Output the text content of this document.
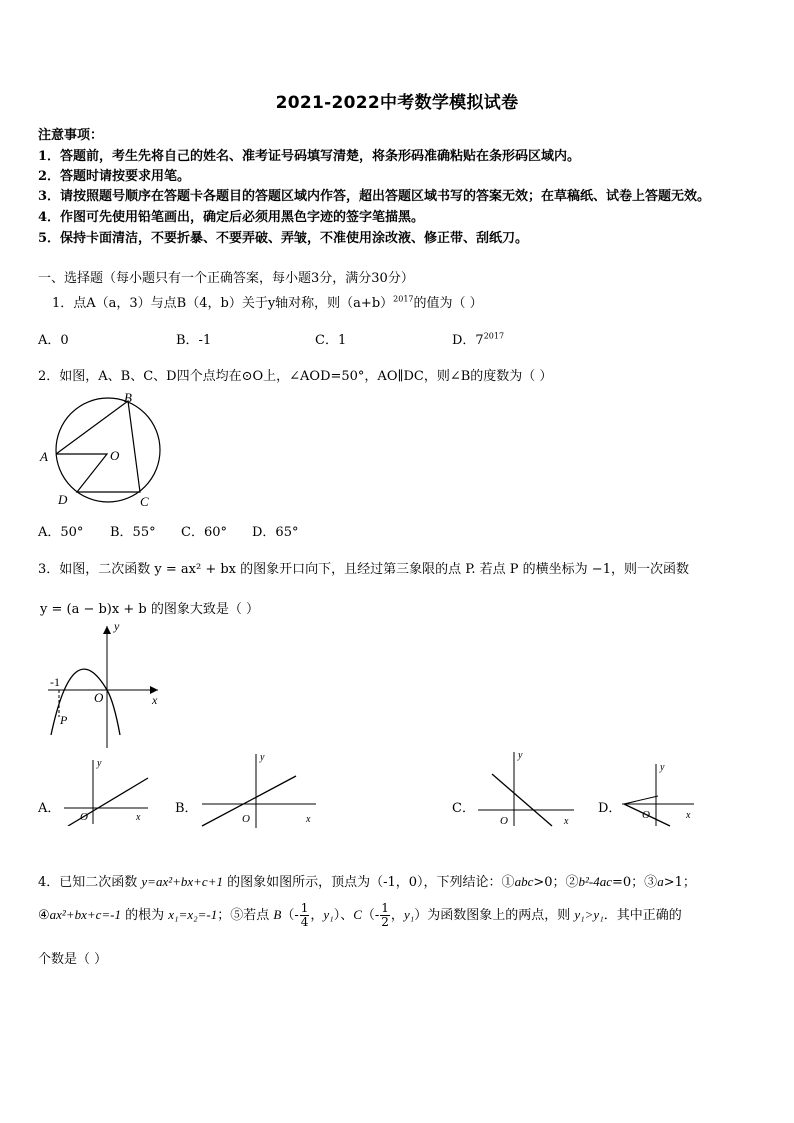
2021-2022中考数学模拟试卷
注意事项：
1．答题前，考生先将自己的姓名、准考证号码填写清楚，将条形码准确粘贴在条形码区域内。
2．答题时请按要求用笔。
3．请按照题号顺序在答题卡各题目的答题区域内作答，超出答题区域书写的答案无效；在草稿纸、试卷上答题无效。
4．作图可先使用铅笔画出，确定后必须用黑色字迹的签字笔描黑。
5．保持卡面清洁，不要折暴、不要弄破、弄皱，不准使用涂改液、修正带、刮纸刀。
一、选择题（每小题只有一个正确答案，每小题3分，满分30分）
1．点A（a，3）与点B（4，b）关于y轴对称，则$(a+b)^{2017}$的值为（ ）
A．0	B．-1	C．1	D．$7^{2017}$
2．如图，A、B、C、D四个点均在⊙O上，∠AOD=50°，AO∥DC，则∠B的度数为（ ）
A
B
C
D
O
A．50° B．55° C．60° D．65°
3．如图，二次函数 y = ax² + bx 的图象开口向下，且经过第三象限的点 P. 若点 P 的横坐标为 −1，则一次函数
y = (a − b)x + b 的图象大致是（ ）
y
x
O
-1
P
A．
y
x
O
B．
y
x
O
C．
y
x
O
D．
y
x
O
4．已知二次函数 y=ax²+bx+c+1 的图象如图所示，顶点为（-1，0），下列结论：①abc>0；②b²-4ac=0；③a>1；
④ax²+bx+c=-1 的根为 x₁=x₂=-1；⑤若点 $B(- \frac{1}{4}$ ，y₁）、$C(- \frac{1}{2}$ ，y₁）为函数图象上的两点，则 y₁>y₁．其中正确的
个数是（ ）
